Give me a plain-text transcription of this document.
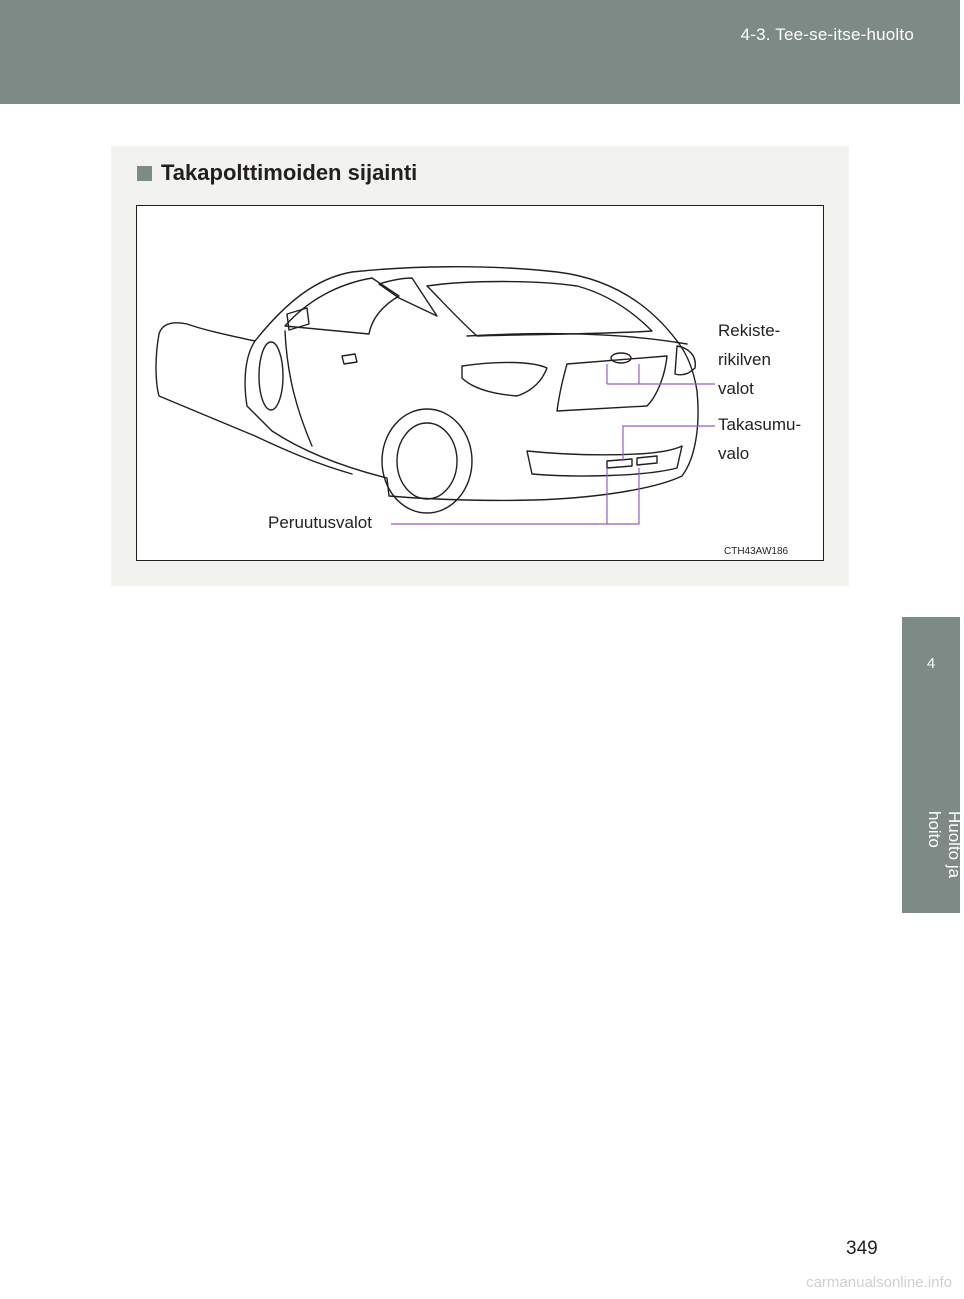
4-3. Tee-se-itse-huolto
4
Huolto ja hoito
Takapolttimoiden sijainti
Rekiste-
rikilven
valot
Takasumu-
valo
Peruutusvalot
CTH43AW186
349
carmanualsonline.info
